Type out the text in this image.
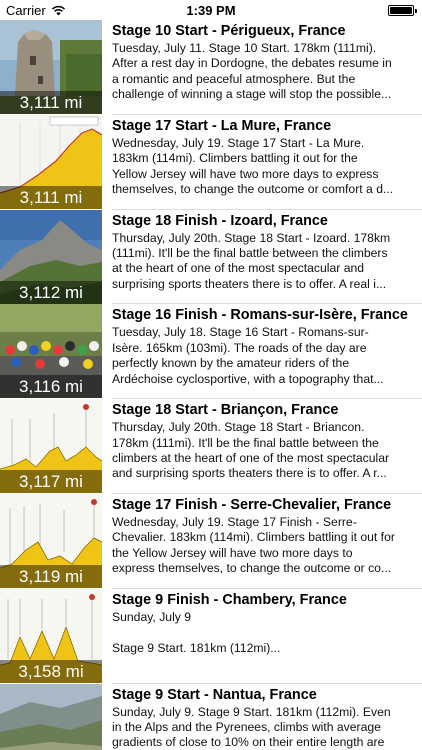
Carrier	1:39 PM
3,111 mi
Stage 10 Start - Périgueux, France
Tuesday, July 11. Stage 10 Start. 178km (111mi).
After a rest day in Dordogne, the debates resume in
a romantic and peaceful atmosphere. But the
challenge of winning a stage will stop the possible...
3,111 mi
Stage 17 Start - La Mure, France
Wednesday, July 19. Stage 17 Start - La Mure.
183km (114mi). Climbers battling it out for the
Yellow Jersey will have two more days to express
themselves, to change the outcome or comfort a d...
3,112 mi
Stage 18 Finish - Izoard, France
Thursday, July 20th. Stage 18 Start - Izoard. 178km
(111mi). It'll be the final battle between the climbers
at the heart of one of the most spectacular and
surprising sports theaters there is to offer. A real i...
3,116 mi
Stage 16 Finish - Romans-sur-Isère, France
Tuesday, July 18. Stage 16 Start - Romans-sur-
Isère. 165km (103mi). The roads of the day are
perfectly known by the amateur riders of the
Ardéchoise cyclosportive, with a topography that...
3,117 mi
Stage 18 Start - Briançon, France
Thursday, July 20th. Stage 18 Start - Briancon.
178km (111mi). It'll be the final battle between the
climbers at the heart of one of the most spectacular
and surprising sports theaters there is to offer. A r...
3,119 mi
Stage 17 Finish - Serre-Chevalier, France
Wednesday, July 19. Stage 17 Finish - Serre-
Chevalier. 183km (114mi). Climbers battling it out for
the Yellow Jersey will have two more days to
express themselves, to change the outcome or co...
3,158 mi
Stage 9 Finish - Chambery, France
Sunday, July 9
Stage 9 Start. 181km (112mi)...
Stage 9 Start - Nantua, France
Sunday, July 9. Stage 9 Start. 181km (112mi). Even
in the Alps and the Pyrenees, climbs with average
gradients of close to 10% on their entire length are
